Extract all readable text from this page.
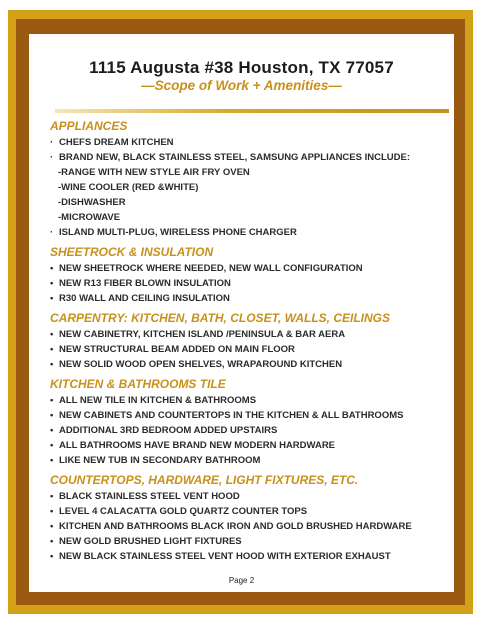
1115 Augusta #38 Houston, TX 77057
—Scope of Work + Amenities—
APPLIANCES
· CHEFS DREAM KITCHEN
· BRAND NEW, BLACK STAINLESS STEEL, SAMSUNG APPLIANCES INCLUDE:
-RANGE WITH NEW STYLE AIR FRY OVEN
-WINE COOLER (RED &WHITE)
-DISHWASHER
-MICROWAVE
· ISLAND MULTI-PLUG, WIRELESS PHONE CHARGER
SHEETROCK & INSULATION
• NEW SHEETROCK WHERE NEEDED, NEW WALL CONFIGURATION
• NEW R13 FIBER BLOWN INSULATION
• R30 WALL AND CEILING INSULATION
CARPENTRY: KITCHEN, BATH, CLOSET, WALLS, CEILINGS
• NEW CABINETRY, KITCHEN ISLAND /PENINSULA & BAR AERA
• NEW STRUCTURAL BEAM ADDED ON MAIN FLOOR
• NEW SOLID WOOD OPEN SHELVES, WRAPAROUND KITCHEN
KITCHEN & BATHROOMS TILE
• ALL NEW TILE IN KITCHEN & BATHROOMS
• NEW CABINETS AND COUNTERTOPS IN THE KITCHEN & ALL BATHROOMS
• ADDITIONAL 3RD BEDROOM ADDED UPSTAIRS
• ALL BATHROOMS HAVE BRAND NEW MODERN HARDWARE
• LIKE NEW TUB IN SECONDARY BATHROOM
COUNTERTOPS, HARDWARE, LIGHT FIXTURES, ETC.
• BLACK STAINLESS STEEL VENT HOOD
• LEVEL 4 CALACATTA GOLD QUARTZ COUNTER TOPS
• KITCHEN AND BATHROOMS BLACK IRON AND GOLD BRUSHED HARDWARE
• NEW GOLD BRUSHED LIGHT FIXTURES
• NEW BLACK STAINLESS STEEL VENT HOOD WITH EXTERIOR EXHAUST
Page 2
